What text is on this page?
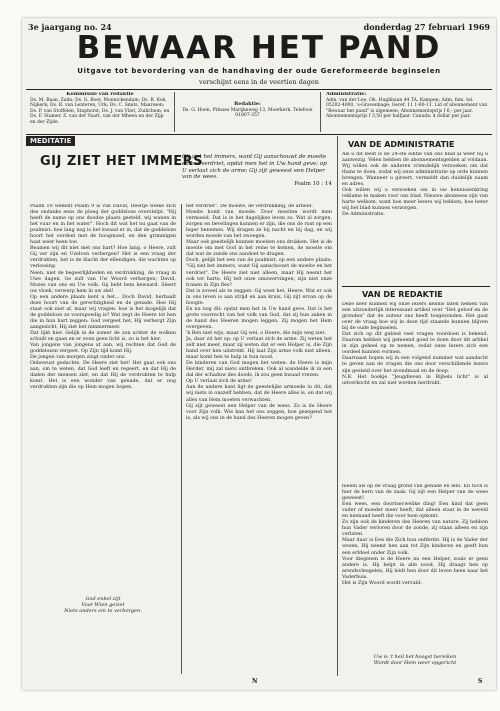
3e jaargang no. 24	donderdag 27 februari 1969
BEWAAR HET PAND
Uitgave tot bevordering van de handhaving der oude Gereformeerde beginselen
verschijnt eens in de veertien dagen
Kommissie van redaktie
Ds. M. Baan, Zalm; Ds. G. Boer, Monnickendam; Ds. R. Kok, Nijkerk; Ds. R. van Lenteren, Urk; Ds. C. Smits, Maarssen; Ds. P. van Stoffelen, Staphorst; Ds. J. van Vliet, Zuilichem; en Ds. F. Stamer, Z. van der Vaart, van der Mheen en der Zijp en der Zijde.
Redaktie:
Ds. G. Hoen, Prinses Marijkeweg 13, Moerkerk. Telefoon 01807-357
Administratie:
Adm. van der Lee, Oh. Hughbaan 44 TA, Kampen; Adm. fam. tel. 05202-4000, 's-Gravenhage; Geref. 11 1-60-11. Lid of abonnement van "Bewaar het pand" is algemeen; Abonnementsprijs f 6,- per jaar. Abonnementsprijs f 3,50 per halfjaar. Canada: $ dollar per jaar.
MEDITATIE
GIJ ZIET HET IMMERS
Gij ziet het immers, want Gij aanschouwt de moeite en het verdriet, opdat men het in Uw hand geve; op U verlaat zich de arme; Gij zijt geweest een Helper van de wees.
Psalm 10 : 14
Psalm 10 wemelt Psalm 9 is van David, Deeltje welke zich des ondanks eens de ploeg der goddeloze overstelpt. "Hij heeft de name op ons doodse plaats gesteld, wij wanen in het vuur en in het water". Hoch dit wat het nu gaat van de psalmist: hoe lang nog is het kwaad er in, dat de goddeloze hoort het oordeel met de hoogmoed, en den grimmigen haat weer heen toe.
Beamen wij dit niet met ons hart? Hoe lang, o Heere, zult Gij ver zijn en Uzelven verbergen? Het is een vraag der verdrukten, het is de klacht der ellendigen, die wachten op verlossing.
Neen, niet de begeerlijkheden en verdrukking, de vraag in Uwe dagen. Ge zult van Uw Woord verbergen; David, Mozes van ons en Uw volk. Gij hebt hem bewaard. Sleert uw vloek, verwerp hem in uw ziel!
Op een andere plaats kent u het... Doch David, herhaalt deze hoort van de gerechtigheid en de genade. Hoe Hij staat ook niet af, maar wij vragen: hoe is het mogelijk dat de goddeloze zo voorspoedig is? Wat zegt de Heere tot hen die in hun hart zeggen: God vergeet het, Hij verbergt Zijn aangezicht, Hij ziet het nimmermeer.
Dat lijkt hier. Gelijk in de zomer de zon achter de wolken schuilt en gaan en er even geen licht is, zo is het hier.
Van jongens van jongens af aan, wij rechten dat God de goddelozen vergeet. Op Zijn tijd komt Hij.
De jongen van morgen zingt onder ons.
Onbewust gedachte. De Heere ziet het! Het gaat ook ons aan, om te weten, dat God leeft en regeert, en dat Hij de daden der mensen ziet, en dat Hij de verdrukten te hulp komt. Het is een wonder van genade, dat er nog verdrukten zijn die op Hem mogen hopen.
God enkel zijt
Voor Wien geziet
Niets anders om te verborgen.
het verdriet". De moeite, de verdrukking, de arbeid.
Moeite komt van moede. Door moeiten wordt men vermoeid. Dat is in het dagelijkse leven zo. Wat al zorgen, zorgen en bevelingen kunnen er zijn, die ons de rust op een leger benemen. Wij dragen ze bij nacht en bij dag, en wij worden moede van het zwoegen.
Maar ook geestelijk kunnen moeiten ons drukken. Het is de moeite om met God in het reine te komen, de moeite om dat wat de zonde ons aandoet te dragen.
Doch, gelijk het een van de psalmist, op een andere plaats: "Gij ziet het immers, want Gij aanschouwt de moeite en het verdriet". De Heere ziet niet alleen, maar Hij neemt het ook ter harte. Hij telt onze omzwervingen; zijn niet onze tranen in Zijn fles?
Dat is zoveel als te zeggen: Gij weet het, Heere. Wat er ook in ons leven is aan strijd en aan kruis, Gij zijt ervan op de hoogte.
En nu nog dit: opdat men het in Uw hand geve. Dat is het grote voorrecht van het volk van God, dat zij hun zaken in de hand des Heeren mogen leggen. Zij mogen het Hem overgeven.
'k Ben niet wijs, maar Gij wel, o Heere, die mijn weg ziet.
Ja, daar zit het op: op U verlaat zich de arme. Zij weten het zelf niet meer, maar zij weten dat er een Helper is, die Zijn hand over hen uitstrekt. Hij laat Zijn arme volk niet alleen, maar komt hen te hulp in hun nood.
De kinderen van God mogen het weten: de Heere is mijn Herder, mij zal niets ontbreken. Ook al wandelde ik in een dal der schaduw des doods, ik zou geen kwaad vrezen.
Op U verlaat zich de arme!
Aan de andere kant ligt de geestelijke armoede in dit, dat wij niets in onszelf hebben, dat de Heere alles is, en dat wij alles van Hem moeten verwachten.
Gij zijt geweest een Helper van de wees. Zo is de Heere voor Zijn volk. Wie kan het ons zeggen, hoe gezegend het is, als wij ons in de hand des Heeren mogen geven?
VAN DE ADMINISTRATIE
Als u dit leest is de 24-ste editie van ons blad al weer bij u aanwezig. Velen hebben de abonnementsgelden al voldaan. Wij willen ook de anderen vriendelijk verzoeken om dat thans te doen, zodat wij onze administratie op orde kunnen brengen. Wanneer u gireert, vermeldt dan duidelijk naam en adres.
Ook willen wij u verzoeken om in uw kennissenkring reklame te maken voor ons blad. Nieuwe abonnees zijn van harte welkom, want hoe meer lezers wij hebben, hoe beter wij het blad kunnen verzorgen.
De Administratie.
VAN DE REDAKTIE
Deze keer kunnen wij onze lezers kennis laten nemen van een uitzonderlijk interessant artikel over "Het geloof en de gronden" dat de auteur ons heeft toegezonden. Het gaat over de vraag hoe wij in deze tijd staande kunnen blijven bij de oude beginselen.
Dat zich op dit gebied veel vragen voordoen is bekend. Daarom hebben wij gemeend goed te doen door dit artikel in zijn geheel op te nemen, zodat onze lezers zich een oordeel kunnen vormen.
Daarnaast hopen wij in een volgend nummer wat aandacht te geven aan de vragen die ons door verschillende lezers zijn gesteld over het avondmaal en de doop.
N.B. Het boekje "Jeugdleven in Bijbels licht" is al uitverkocht en zal niet worden herdrukt.
nielen als op de vraag grond van genade en leni. En toch is hier de kern van de zaak: Gij zijt een Helper van de wees geweest!
Een wees, een doortsecwelike ding! Een kind dat geen vader of moeder meer heeft, dat alleen staat in de wereld en niemand heeft die voor hem opkomt.
Zo zijn ook de kinderen des Heeren van nature. Zij hebben hun Vader verloren door de zonde, zij staan alleen en zijn verlaten.
Maar daar is Een die Zich hun ontfermt. Hij is de Vader der wezen, Hij neemt hen aan tot Zijn kinderen en geeft hun een erfdeel onder Zijn volk.
Voor diegenen is de Heere nu een Helper, zoals er geen andere is. Hij helpt in alle nood, Hij draagt hen op arendsvleugelen, Hij leidt hen door dit leven heen naar het Vaderhuis.
Het is Zijn Woord wordt vervuld:
Uw is 't heil het hoogst bereiken
Wordt door Hem weer opgericht
N	S
